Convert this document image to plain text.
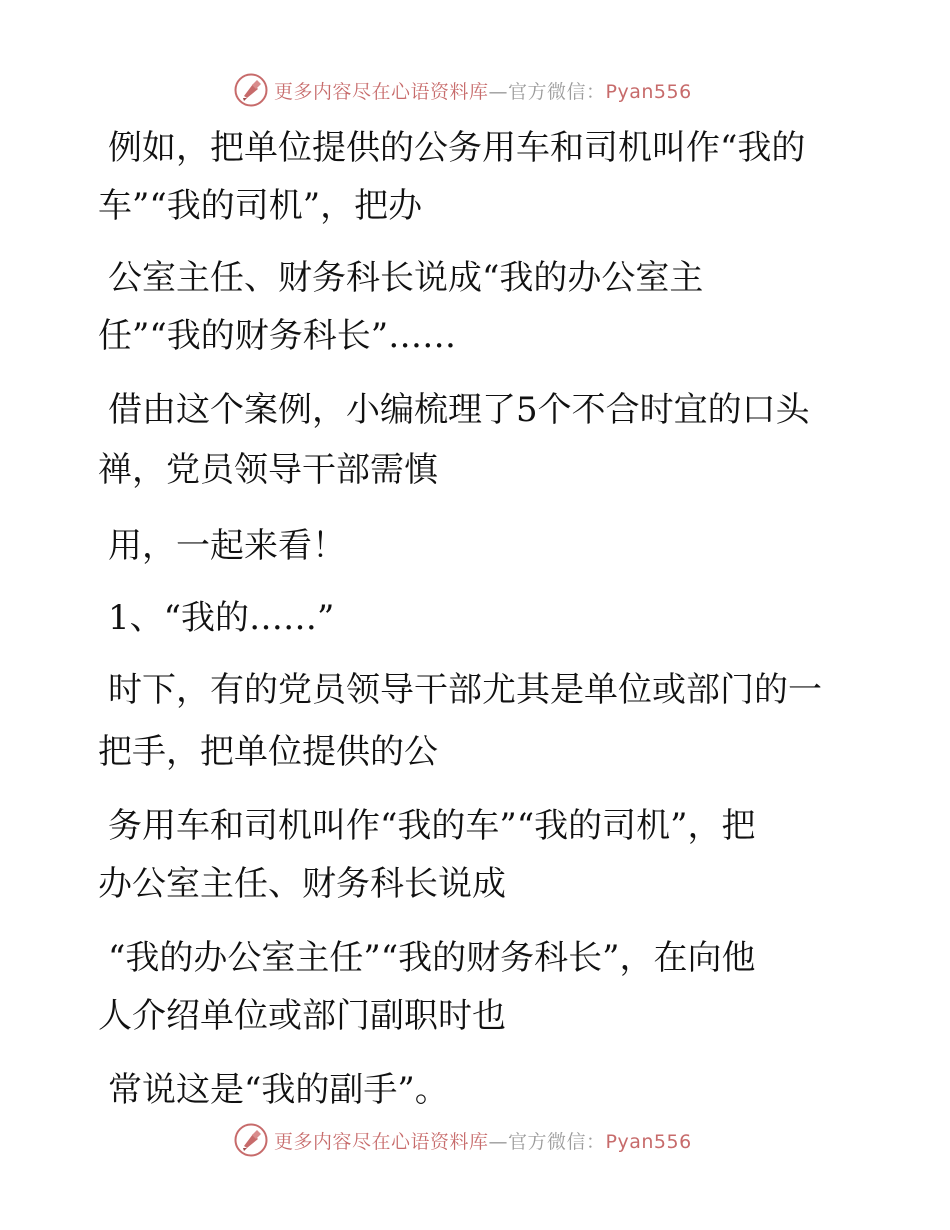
更多内容尽在心语资料库—官方微信：Pyan556
例如，把单位提供的公务用车和司机叫作“我的
车”“我的司机”，把办
公室主任、财务科长说成“我的办公室主
任”“我的财务科长”……
借由这个案例，小编梳理了5个不合时宜的口头
禅，党员领导干部需慎
用，一起来看！
1、“我的……”
时下，有的党员领导干部尤其是单位或部门的一
把手，把单位提供的公
务用车和司机叫作“我的车”“我的司机”，把
办公室主任、财务科长说成
“我的办公室主任”“我的财务科长”，在向他
人介绍单位或部门副职时也
常说这是“我的副手”。
更多内容尽在心语资料库—官方微信：Pyan556
